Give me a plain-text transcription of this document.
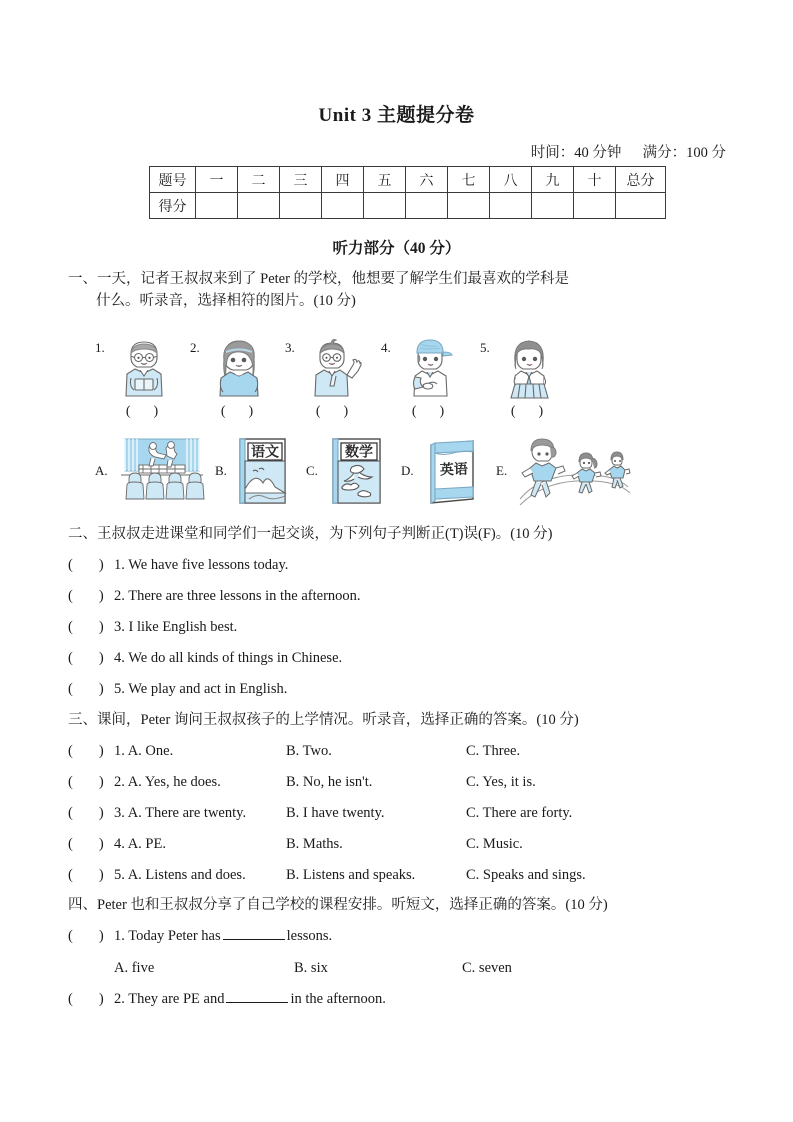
Unit 3 主题提分卷
时间：40 分钟 满分：100 分
题号	一	二	三	四	五	六	七	八	九	十	总分
得分											
听力部分（40 分）
一、一天，记者王叔叔来到了 Peter 的学校，他想要了解学生们最喜欢的学科是
什么。听录音，选择相符的图片。(10 分)
1.
( )
2.
( )
3.
( )
4.
( )
5.
( )
A.	B.
语文
C.
数学
D. 英语 E.
二、王叔叔走进课堂和同学们一起交谈，为下列句子判断正(T)误(F)。(10 分)
( ) 1. We have five lessons today.
( ) 2. There are three lessons in the afternoon.
( ) 3. I like English best.
( ) 4. We do all kinds of things in Chinese.
( ) 5. We play and act in English.
三、课间，Peter 询问王叔叔孩子的上学情况。听录音，选择正确的答案。(10 分)
( ) 1. A. One.	B. Two.	C. Three.
( ) 2. A. Yes, he does.	B. No, he isn't.	C. Yes, it is.
( ) 3. A. There are twenty.	B. I have twenty.	C. There are forty.
( ) 4. A. PE.	B. Maths.	C. Music.
( ) 5. A. Listens and does.	B. Listens and speaks.	C. Speaks and sings.
四、Peter 也和王叔叔分享了自己学校的课程安排。听短文，选择正确的答案。(10 分)
( ) 1. Today Peter has	lessons.
A. five	B. six	C. seven
( ) 2. They are PE and	in the afternoon.
